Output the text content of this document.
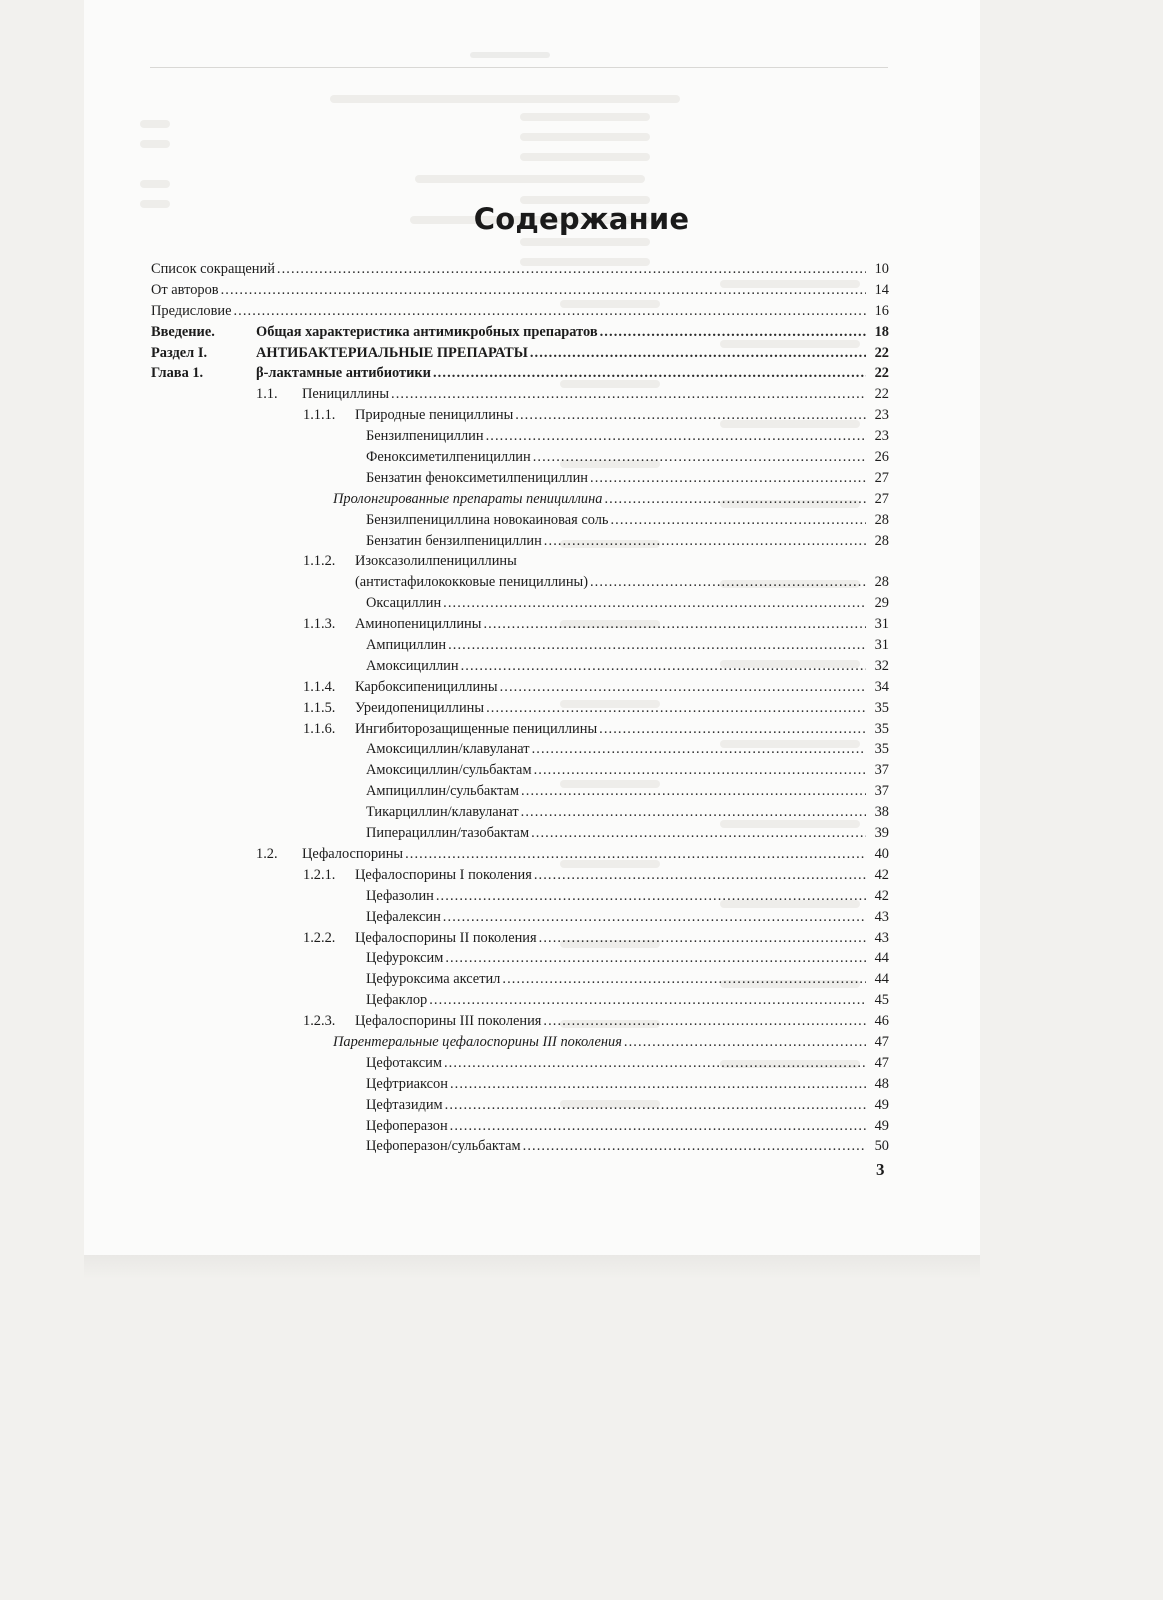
Содержание
Список сокращений .....	10
От авторов .....	14
Предисловие .....	16
Введение.	Общая характеристика антимикробных препаратов .....	18
Раздел I.	АНТИБАКТЕРИАЛЬНЫЕ ПРЕПАРАТЫ .....	22
Глава 1.	β-лактамные антибиотики .....	22
1.1.	Пенициллины .....	22
1.1.1.	Природные пенициллины .....	23
Бензилпенициллин .....	23
Феноксиметилпенициллин .....	26
Бензатин феноксиметилпенициллин .....	27
Пролонгированные препараты пенициллина .....	27
Бензилпенициллина новокаиновая соль .....	28
Бензатин бензилпенициллин .....	28
1.1.2.	Изоксазолилпенициллины
(антистафилококковые пенициллины) .....	28
Оксациллин .....	29
1.1.3.	Аминопенициллины .....	31
Ампициллин .....	31
Амоксициллин .....	32
1.1.4.	Карбоксипенициллины .....	34
1.1.5.	Уреидопенициллины .....	35
1.1.6.	Ингибиторозащищенные пенициллины .....	35
Амоксициллин/клавуланат .....	35
Амоксициллин/сульбактам .....	37
Ампициллин/сульбактам .....	37
Тикарциллин/клавуланат .....	38
Пиперациллин/тазобактам .....	39
1.2.	Цефалоспорины .....	40
1.2.1.	Цефалоспорины I поколения .....	42
Цефазолин .....	42
Цефалексин .....	43
1.2.2.	Цефалоспорины II поколения .....	43
Цефуроксим .....	44
Цефуроксима аксетил .....	44
Цефаклор .....	45
1.2.3.	Цефалоспорины III поколения .....	46
Парентеральные цефалоспорины III поколения .....	47
Цефотаксим .....	47
Цефтриаксон .....	48
Цефтазидим .....	49
Цефоперазон .....	49
Цефоперазон/сульбактам .....	50
3
